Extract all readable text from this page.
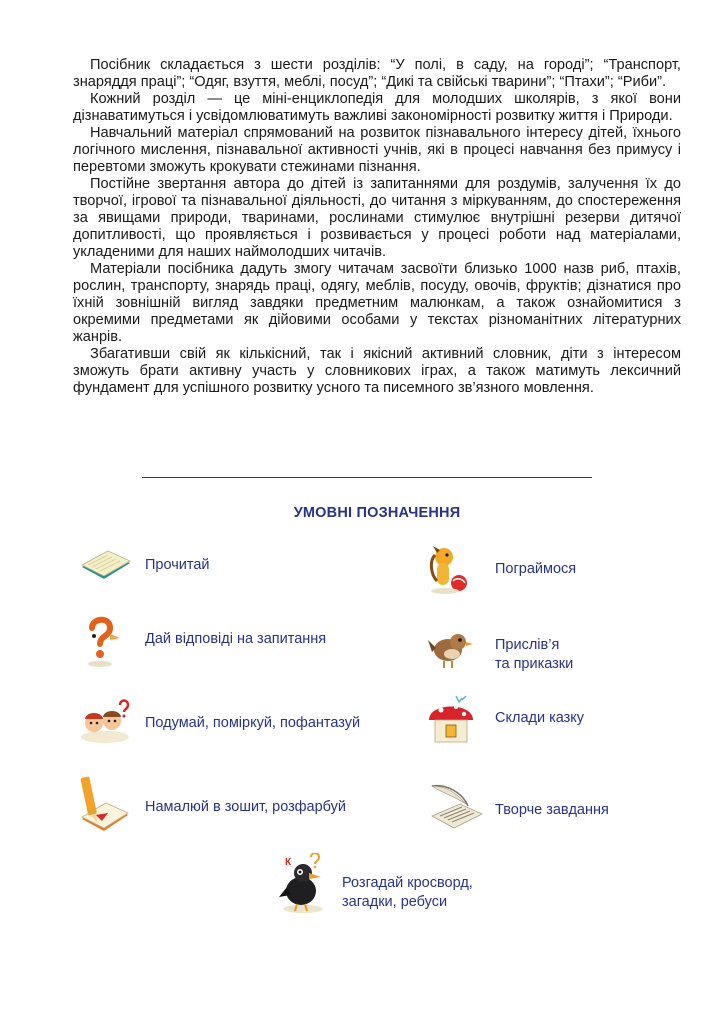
Посібник складається з шести розділів: “У полі, в саду, на городі”; “Транспорт, знаряддя праці”; “Одяг, взуття, меблі, посуд”; “Дикі та свійські тварини”; “Птахи”; “Риби”.

Кожний розділ — це міні-енциклопедія для молодших школярів, з якої вони дізнаватимуться і усвідомлюватимуть важливі закономірності розвитку життя і Природи.

Навчальний матеріал спрямований на розвиток пізнавального інтересу дітей, їхнього логічного мислення, пізнавальної активності учнів, які в процесі навчання без примусу і перевтоми зможуть крокувати стежинами пізнання.

Постійне звертання автора до дітей із запитаннями для роздумів, залучення їх до творчої, ігрової та пізнавальної діяльності, до читання з міркуванням, до спостереження за явищами природи, тваринами, рослинами стимулює внутрішні резерви дитячої допитливості, що проявляється і розвивається у процесі роботи над матеріалами, укладеними для наших наймолодших читачів.

Матеріали посібника дадуть змогу читачам засвоїти близько 1000 назв риб, птахів, рослин, транспорту, знарядь праці, одягу, меблів, посуду, овочів, фруктів; дізнатися про їхній зовнішній вигляд завдяки предметним малюнкам, а також ознайомитися з окремими предметами як дійовими особами у текстах різноманітних літературних жанрів.

Збагативши свій як кількісний, так і якісний активний словник, діти з інтересом зможуть брати активну участь у словникових іграх, а також матимуть лексичний фундамент для успішного розвитку усного та писемного зв’язного мовлення.

УМОВНІ ПОЗНАЧЕННЯ
Прочитай	Пограймося
Дай відповіді на запитання	Прислів’я
та приказки
Подумай, поміркуй, пофантазуй	Склади казку
Намалюй в зошит, розфарбуй	Творче завдання
К
Розгадай кросворд,
загадки, ребуси
